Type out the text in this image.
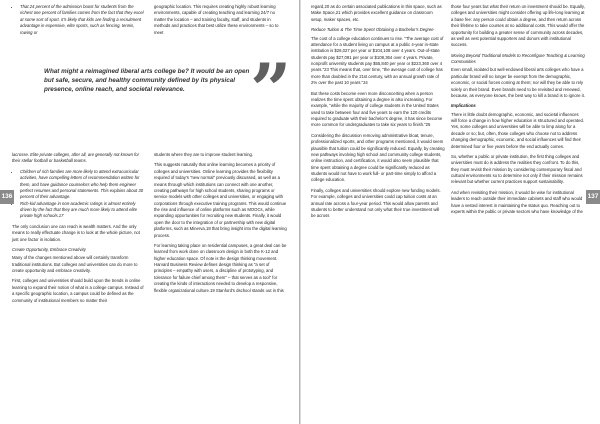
• That 24 percent of the admission boost for students from the richest one percent of families comes from the fact that they excel at some sort of sport. It's likely that kids are finding a recruitment advantage in expensive, elite sports, such as fencing, tennis, rowing or

geographic location. This requires creating highly robust learning environments, capable of creating teaching and learning 24/7 no matter the location – and training faculty, staff, and students in methods and practices that best utilize these environments – so to meet

What might a reimagined liberal arts college be? It would be an open but safe, secure, and healthy community defined by its physical presence, online reach, and societal relevance. ”

lacrosse. Elite private colleges, after all, are generally not known for their stellar football or basketball teams.

• Children of rich families are more likely to attend extracurricular activities, have compelling letters of recommendation written for them, and have guidance counselors who help them engineer perfect resumes and personal statements. This explains about 30 percent of their advantage.
• Rich-kid advantage in non-academic ratings is almost entirely driven by the fact that they are much more likely to attend elite private high schools.17

The only conclusion one can reach is wealth matters. And the only means to really effectuate change is to look at the whole picture, not just one factor in isolation.

Create Opportunity, Embrace Creativity

Many of the changes mentioned above will certainly transform traditional institutions. But colleges and universities can do more to create opportunity and embrace creativity.

First, colleges and universities should build upon the trends in online learning to expand their notion of what is a college campus. Instead of a specific geographic location, a campus could be defined as the community of institutional members no matter their

students where they are to improve student learning.

This suggests naturally that online learning becomes a priority of colleges and universities. Online learning provides the flexibility required of today's "new normal" previously discussed, as well as a means through which institutions can connect with one another, creating pathways for high school students, sharing programs or service models with other colleges and universities, or engaging with corporations through executive training programs. This would continue the rise and influence of online platforms such as MOOCs, while expanding opportunities for recruiting new students. Finally, it would open the door to the integration of or partnership with new digital platforms, such as Minerva,18 that bring insight into the digital learning process.

For learning taking place on residential campuses, a great deal can be learned from work done on classroom design in both the K-12 and higher education space. Of note is the design thinking movement. Harvard Business Review defines design thinking as "a set of principles – empathy with users, a discipline of prototyping, and tolerance for failure chief among them" – that serves as a tool" for creating the kinds of interactions needed to develop a responsive, flexible organizational culture.19 Stanford's dschool stands out in this

136

regard,20 as do certain associated publications in this space, such as Make Space,21 which provides excellent guidance on classroom setup, maker spaces, etc.

Reduce Tuition & The Time Spent Obtaining a Bachelor's Degree

The cost of a college education continues to rise. "The average cost of attendance for a student living on campus at a public 4-year in-state institution is $26,027 per year or $104,108 over 4 years. Out-of-state students pay $27,091 per year or $108,364 over 4 years. Private, nonprofit university students pay $55,840 per year or $223,360 over 4 years."23 This means that, over time, "the average cost of college has more than doubled in the 21st century, with an annual growth rate of 2% over the past 10 years."24

But these costs become even more disconcerting when a person realizes the time spent obtaining a degree is also increasing. For example, "while the majority of college students in the United States used to take between four and five years to earn the 120 credits required to graduate with their bachelor's degree, it has since become more common for undergraduates to take six years to finish."25

Considering the discussion removing administrative bloat, tenure, professionalized sports, and other programs mentioned, it would seem plausible that tuition could be significantly reduced. Equally, by creating new pathways involving high school and community college students, online instruction, and certification, it would also seem plausible that time spent obtaining a degree could be significantly reduced as students would not have to work full- or part-time simply to afford a college education.

Finally, colleges and universities should explore new funding models. For example, colleges and universities could cap tuition costs at an annual rate across a four-year period. This would allow parents and students to better understand not only what their true investment will be across

those four years but what their return on investment should be. Equally, colleges and universities might consider offering up life-long learning at a base fee: any person could obtain a degree, and then return across their lifetime to take courses at no additional costs. This would offer the opportunity for building a greater sense of community across decades, as well as vest potential supporters and donors with institutional success.

Moving Beyond Traditional Models to Reconfigure Teaching & Learning Communities

Even small, isolated but well-endowed liberal arts colleges who have a particular brand will no longer be exempt from the demographic, economic, or social forces coming at them; nor will they be able to rely solely on their brand. Even brands need to be revisited and renewed, because, as everyone knows, the best way to kill a brand is to ignore it.

Implications

There is little doubt demographic, economic, and societal influences will force a change in how higher education is structured and operated. Yes, some colleges and universities will be able to limp along for a decade or so; but, often, those colleges who choose not to address changing demographic, economic, and social influences will find their determined four or five years before the end actually comes.

So, whether a public or private institution, the first thing colleges and universities must do is address the realities they confront. To do this, they must revisit their mission by considering contemporary fiscal and cultural environments so to determine not only if their mission remains relevant but whether current practices support sustainability.

And when revisiting their mission, it would be wise for institutional leaders to reach outside their immediate cabinets and staff who would have a vested interest in maintaining the status quo. Reaching out to experts within the public or private sectors who have knowledge of the

137
